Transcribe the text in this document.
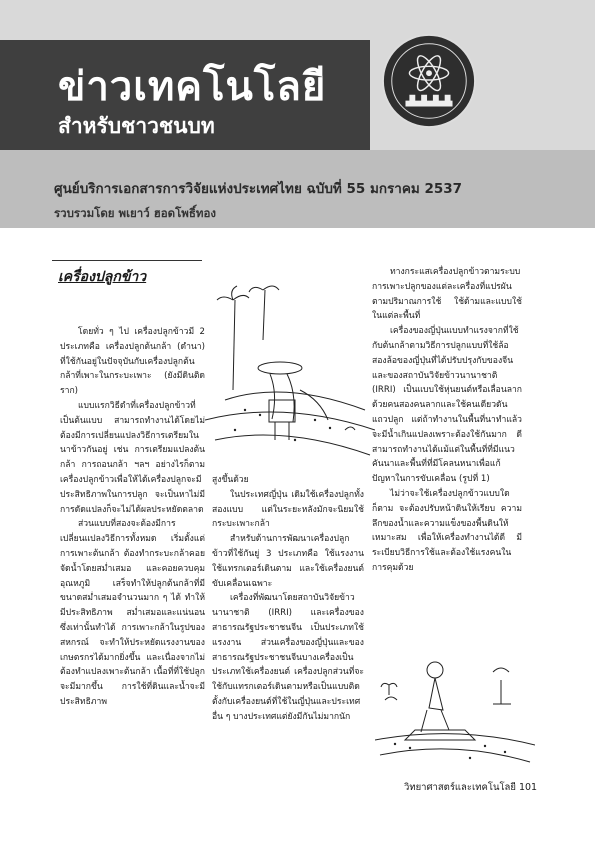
ข่าวเทคโนโลยี
สำหรับชาวชนบท
ศูนย์บริการเอกสารการวิจัยแห่งประเทศไทย ฉบับที่ 55 มกราคม 2537
รวบรวมโดย พเยาว์ ฮอดโพธิ์ทอง
เครื่องปลูกข้าว

โดยทั่ว ๆ ไป เครื่องปลูกข้าวมี 2 ประเภทคือ เครื่องปลูกต้นกล้า (ดำนา) ที่ใช้กันอยู่ในปัจจุบันกับเครื่องปลูกต้นกล้าที่เพาะในกระบะเพาะ (ยังมีดินติดราก)

แบบแรกวิธีดำที่เครื่องปลูกข้าวที่เป็นต้นแบบ สามารถทำงานได้โดยไม่ต้องมีการเปลี่ยนแปลงวิธีการเตรียมในนาข้าวกันอยู่ เช่น การเตรียมแปลงต้นกล้า การถอนกล้า ฯลฯ อย่างไรก็ตามเครื่องปลูกข้าวเพื่อให้ได้เครื่องปลูกจะมีประสิทธิภาพในการปลูก จะเป็นหาไม่มีการดัดแปลงก็จะไม่ได้ผลประหยัดตลาด

ส่วนแบบที่สองจะต้องมีการเปลี่ยนแปลงวิธีการทั้งหมด เริ่มตั้งแต่การเพาะต้นกล้า ต้องทำกระบะกล้าคอยจัดน้ำโดยสม่ำเสมอ และคอยควบคุมอุณหภูมิ เสร็จทำให้ปลูกต้นกล้าที่มีขนาดสม่ำเสมอจำนวนมาก ๆ ได้ ทำให้มีประสิทธิภาพ สม่ำเสมอและแน่นอน ซึ่งเท่านั้นทำได้ การเพาะกล้าในรูปของสหกรณ์ จะทำให้ประหยัดแรงงานของเกษตรกรได้มากยิ่งขึ้น และเนื่องจากไม่ต้องทำแปลงเพาะต้นกล้า เนื้อที่ที่ใช้ปลูกจะมีมากขึ้น การใช้ที่ดินและน้ำจะมีประสิทธิภาพ

สูงขึ้นด้วย

ในประเทศญี่ปุ่น เดิมใช้เครื่องปลูกทั้งสองแบบ แต่ในระยะหลังมักจะนิยมใช้กระบะเพาะกล้า

สำหรับด้านการพัฒนาเครื่องปลูกข้าวที่ใช้กันยู่ 3 ประเภทคือ ใช้แรงงาน ใช้แทรกเตอร์เดินตาม และใช้เครื่องยนต์ขับเคลื่อนเฉพาะ

เครื่องที่พัฒนาโดยสถาบันวิจัยข้าวนานาชาติ (IRRI) และเครื่องของสาธารณรัฐประชาชนจีน เป็นประเภทใช้แรงงาน ส่วนเครื่องของญี่ปุ่นและของสาธารณรัฐประชาชนจีนบางเครื่องเป็นประเภทใช้เครื่องยนต์ เครื่องปลูกส่วนที่จะใช้กับแทรกเตอร์เดินตามหรือเป็นแบบติดตั้งกับเครื่องยนต์ที่ใช้ในญี่ปุ่นและประเทศอื่น ๆ บางประเทศแต่ยังมีกันไม่มากนัก

ทางกระแสเครื่องปลูกข้าวตามระบบการเพาะปลูกของแต่ละเครื่องที่แปรผันตามปริมาณการใช้ ใช้ด้ามและแบบใช้ในแต่ละพื้นที่

เครื่องของญี่ปุ่นแบบทำแรงจากที่ใช้กับต้นกล้าตามวิธีการปลูกแบบที่ใช้ล้อสองล้อของญี่ปุ่นที่ได้ปรับปรุงกับของจีนและของสถาบันวิจัยข้าวนานาชาติ (IRRI) เป็นแบบใช้หุ่นยนต์หรือเลื่อนลากด้วยคนสองคนลากและใช้คนเดียวดันแถวปลูก แต่ถ้าทำงานในพื้นที่นาทำแล้วจะมีน้ำเกินแปลงเพราะต้องใช้กันมาก ดีสามารถทำงานได้แม้แต่ในพื้นที่ที่มีแนวคันนาและพื้นที่ที่มีโคลนหนาเพื่อแก้ปัญหาในการขับเคลื่อน (รูปที่ 1)

ไม่ว่าจะใช้เครื่องปลูกข้าวแบบใดก็ตาม จะต้องปรับหน้าดินให้เรียบ ความลึกของน้ำและความแข็งของพื้นดินให้เหมาะสม เพื่อให้เครื่องทำงานได้ดี มีระเบียบวิธีการใช้และต้องใช้แรงคนในการคุมด้วย

วิทยาศาสตร์และเทคโนโลยี 101
